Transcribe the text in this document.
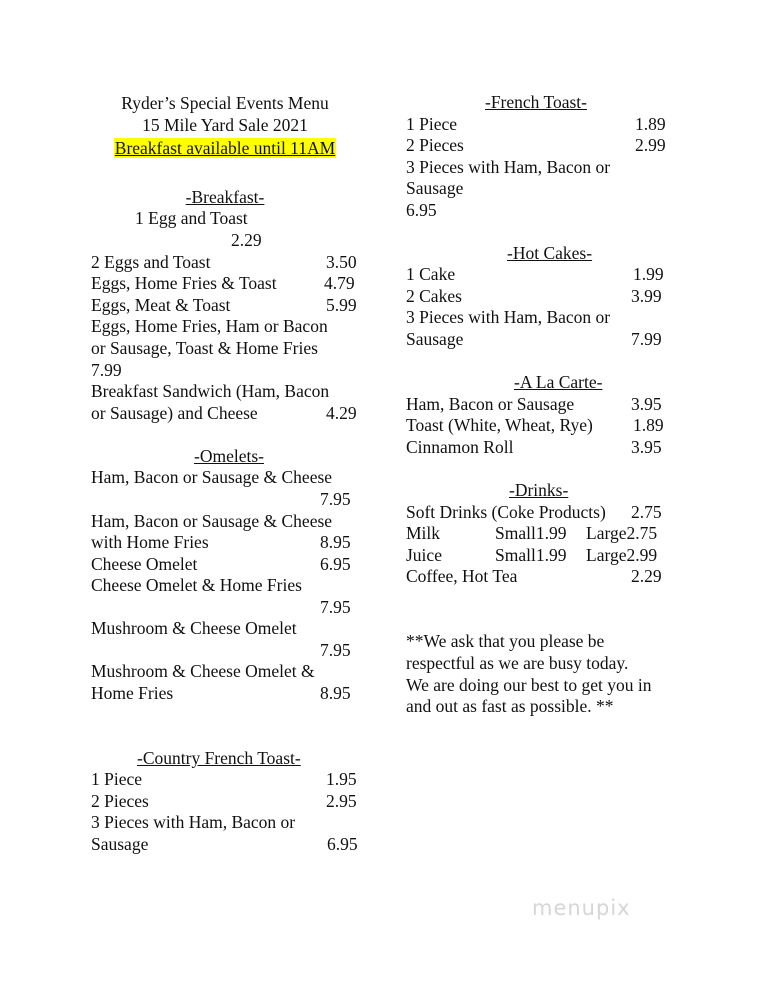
Ryder’s Special Events Menu
15 Mile Yard Sale 2021
Breakfast available until 11AM
-Breakfast-
1 Egg and Toast
2.29
2 Eggs and Toast	3.50
Eggs, Home Fries & Toast	4.79
Eggs, Meat & Toast	5.99
Eggs, Home Fries, Ham or Bacon
or Sausage, Toast & Home Fries
7.99
Breakfast Sandwich (Ham, Bacon
or Sausage) and Cheese	4.29
-Omelets-
Ham, Bacon or Sausage & Cheese
7.95
Ham, Bacon or Sausage & Cheese
with Home Fries	8.95
Cheese Omelet	6.95
Cheese Omelet & Home Fries
7.95
Mushroom & Cheese Omelet
7.95
Mushroom & Cheese Omelet &
Home Fries	8.95
-Country French Toast-
1 Piece	1.95
2 Pieces	2.95
3 Pieces with Ham, Bacon or
Sausage	6.95
-French Toast-
1 Piece	1.89
2 Pieces	2.99
3 Pieces with Ham, Bacon or
Sausage
6.95
-Hot Cakes-
1 Cake	1.99
2 Cakes	3.99
3 Pieces with Ham, Bacon or
Sausage	7.99
-A La Carte-
Ham, Bacon or Sausage	3.95
Toast (White, Wheat, Rye) 1.89
Cinnamon Roll	3.95
-Drinks-
Soft Drinks (Coke Products) 2.75
Milk	Small1.99 Large2.75
Juice	Small1.99 Large2.99
Coffee, Hot Tea	2.29
**We ask that you please be
respectful as we are busy today.
We are doing our best to get you in
and out as fast as possible. **
menupix
